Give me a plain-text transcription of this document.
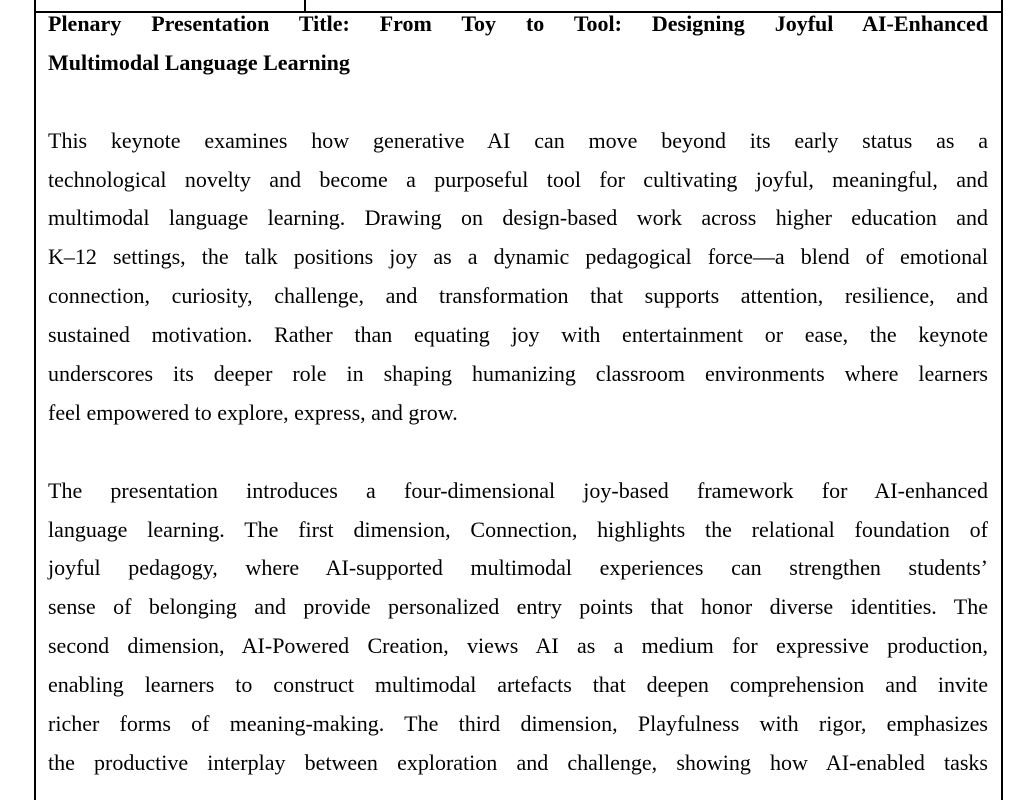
Plenary Presentation Title: From Toy to Tool: Designing Joyful AI-Enhanced
Multimodal Language Learning
This keynote examines how generative AI can move beyond its early status as a
technological novelty and become a purposeful tool for cultivating joyful, meaningful, and
multimodal language learning. Drawing on design-based work across higher education and
K–12 settings, the talk positions joy as a dynamic pedagogical force—a blend of emotional
connection, curiosity, challenge, and transformation that supports attention, resilience, and
sustained motivation. Rather than equating joy with entertainment or ease, the keynote
underscores its deeper role in shaping humanizing classroom environments where learners
feel empowered to explore, express, and grow.
The presentation introduces a four-dimensional joy-based framework for AI-enhanced
language learning. The first dimension, Connection, highlights the relational foundation of
joyful pedagogy, where AI-supported multimodal experiences can strengthen students’
sense of belonging and provide personalized entry points that honor diverse identities. The
second dimension, AI-Powered Creation, views AI as a medium for expressive production,
enabling learners to construct multimodal artefacts that deepen comprehension and invite
richer forms of meaning-making. The third dimension, Playfulness with rigor, emphasizes
the productive interplay between exploration and challenge, showing how AI-enabled tasks
